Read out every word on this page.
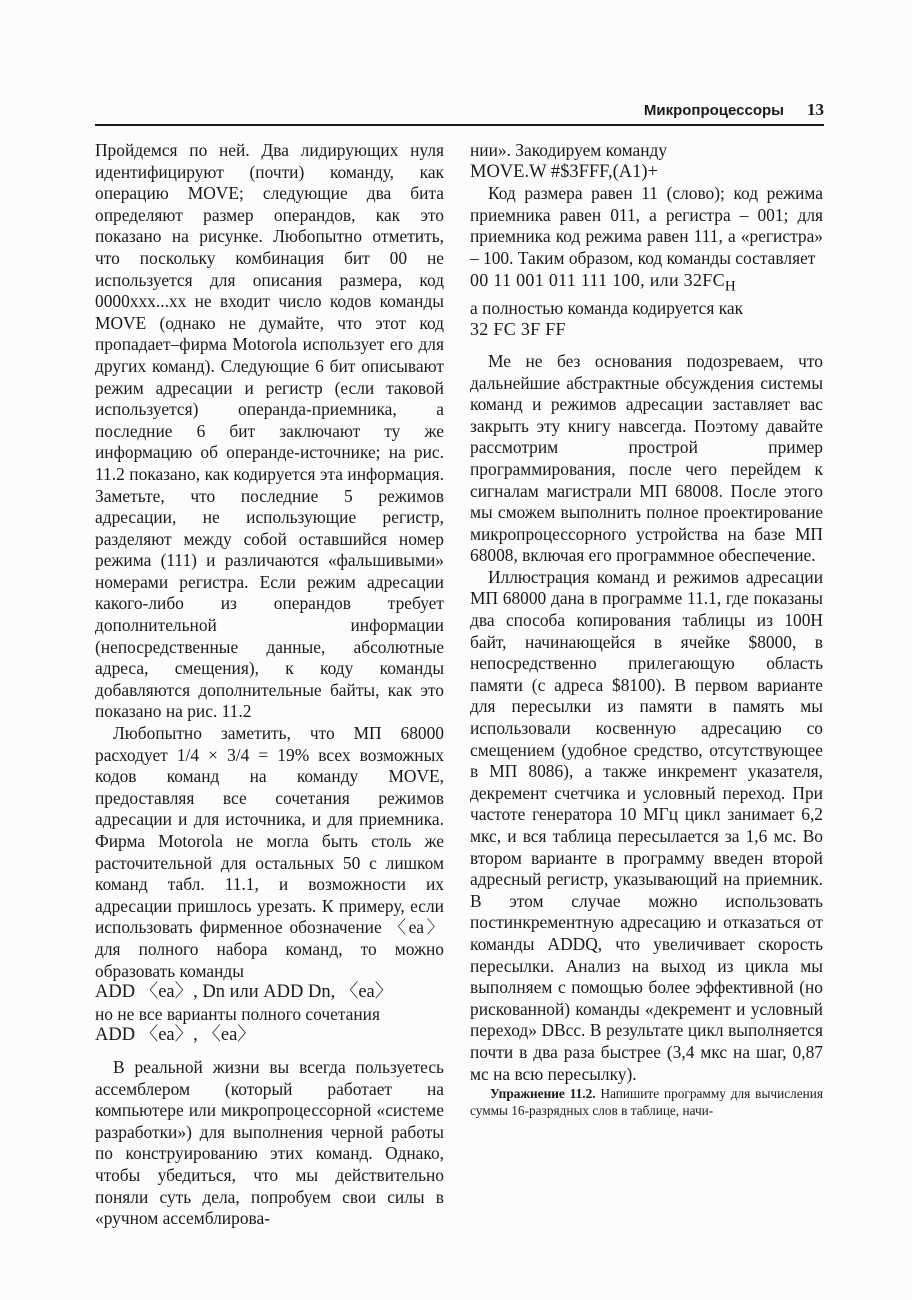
Микропроцессоры 13

Пройдемся по ней. Два лидирующих нуля идентифицируют (почти) команду, как операцию MOVE; следующие два бита определяют размер операндов, как это показано на рисунке. Любопытно отметить, что поскольку комбинация бит 00 не используется для описания размера, код 0000xxx...xx не входит число кодов команды MOVE (однако не думайте, что этот код пропадает–фирма Motorola использует его для других команд). Следующие 6 бит описывают режим адресации и регистр (если таковой используется) операнда-приемника, а последние 6 бит заключают ту же информацию об операнде-источнике; на рис. 11.2 показано, как кодируется эта информация. Заметьте, что последние 5 режимов адресации, не использующие регистр, разделяют между собой оставшийся номер режима (111) и различаются «фальшивыми» номерами регистра. Если режим адресации какого-либо из операндов требует дополнительной информации (непосредственные данные, абсолютные адреса, смещения), к коду команды добавляются дополнительные байты, как это показано на рис. 11.2

Любопытно заметить, что МП 68000 расходует 1/4 × 3/4 = 19% всех возможных кодов команд на команду MOVE, предоставляя все сочетания режимов адресации и для источника, и для приемника. Фирма Motorola не могла быть столь же расточительной для остальных 50 с лишком команд табл. 11.1, и возможности их адресации пришлось урезать. К примеру, если использовать фирменное обозначение 〈ea〉 для полного набора команд, то можно образовать команды

ADD 〈ea〉, Dn или ADD Dn, 〈ea〉

но не все варианты полного сочетания

ADD 〈ea〉, 〈ea〉

В реальной жизни вы всегда пользуетесь ассемблером (который работает на компьютере или микропроцессорной «системе разработки») для выполнения черной работы по конструированию этих команд. Однако, чтобы убедиться, что мы действительно поняли суть дела, попробуем свои силы в «ручном ассемблирова-

нии». Закодируем команду

MOVE.W #$3FFF,(A1)+

Код размера равен 11 (слово); код режима приемника равен 011, а регистра – 001; для приемника код режима равен 111, а «регистра» – 100. Таким образом, код команды составляет

00 11 001 011 111 100, или $32FC_H$

а полностью команда кодируется как

32 FC 3F FF

Ме не без основания подозреваем, что дальнейшие абстрактные обсуждения системы команд и режимов адресации заставляет вас закрыть эту книгу навсегда. Поэтому давайте рассмотрим прострой пример программирования, после чего перейдем к сигналам магистрали МП 68008. После этого мы сможем выполнить полное проектирование микропроцессорного устройства на базе МП 68008, включая его программное обеспечение.

Иллюстрация команд и режимов адресации МП 68000 дана в программе 11.1, где показаны два способа копирования таблицы из 100H байт, начинающейся в ячейке $8000, в непосредственно прилегающую область памяти (с адреса $8100). В первом варианте для пересылки из памяти в память мы использовали косвенную адресацию со смещением (удобное средство, отсутствующее в МП 8086), а также инкремент указателя, декремент счетчика и условный переход. При частоте генератора 10 МГц цикл занимает 6,2 мкс, и вся таблица пересылается за 1,6 мс. Во втором варианте в программу введен второй адресный регистр, указывающий на приемник. В этом случае можно использовать постинкрементную адресацию и отказаться от команды ADDQ, что увеличивает скорость пересылки. Анализ на выход из цикла мы выполняем с помощью более эффективной (но рискованной) команды «декремент и условный переход» DBcc. В результате цикл выполняется почти в два раза быстрее (3,4 мкс на шаг, 0,87 мс на всю пересылку).

Упражнение 11.2. Напишите программу для вычисления суммы 16-разрядных слов в таблице, начи-
